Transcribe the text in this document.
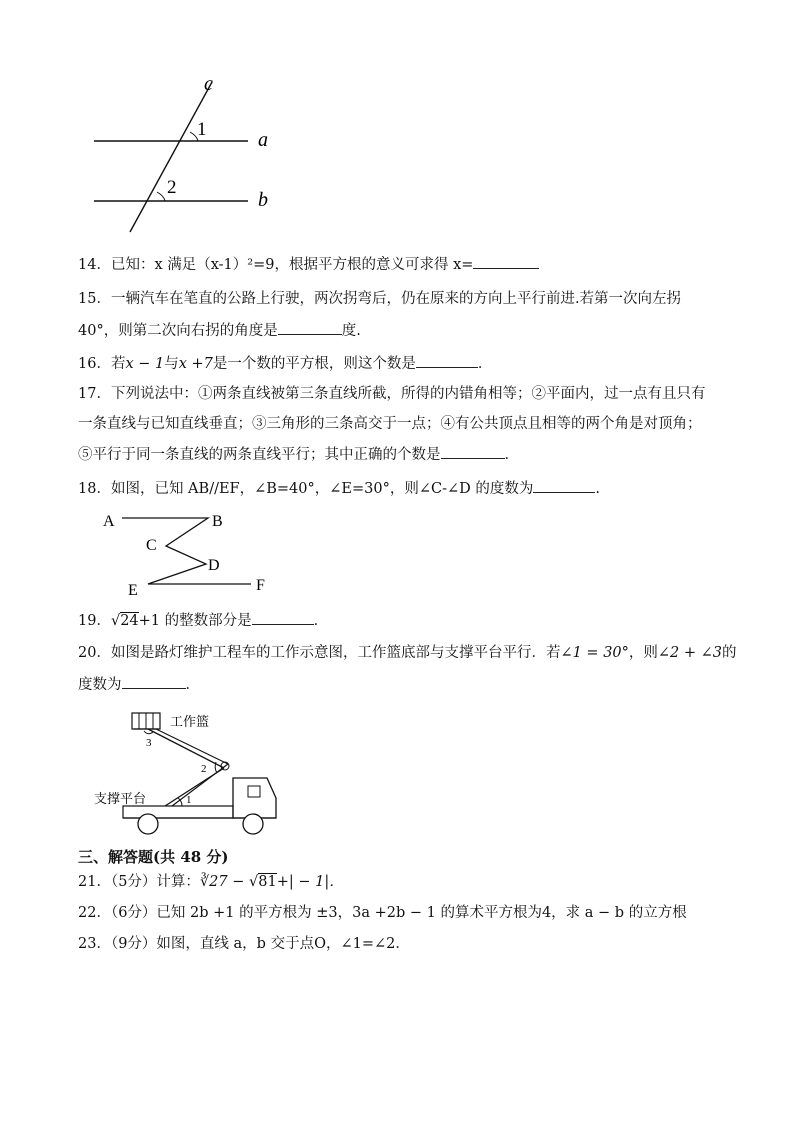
c
1	a
2
b
14．已知：x 满足（x-1）²=9，根据平方根的意义可求得 x=
15．一辆汽车在笔直的公路上行驶，两次拐弯后，仍在原来的方向上平行前进.若第一次向左拐
40°，则第二次向右拐的角度是	度.
16．若x − 1与x +7是一个数的平方根，则这个数是	．
17．下列说法中：①两条直线被第三条直线所截，所得的内错角相等；②平面内，过一点有且只有
一条直线与已知直线垂直；③三角形的三条高交于一点；④有公共顶点且相等的两个角是对顶角；
⑤平行于同一条直线的两条直线平行；其中正确的个数是	．
18．如图，已知 AB//EF，∠B=40°，∠E=30°，则∠C-∠D 的度数为	.
A	B
C
D
E	F
19．√24+1 的整数部分是	．
20．如图是路灯维护工程车的工作示意图，工作篮底部与支撑平台平行．若∠1 = 30°，则∠2 + ∠3的
度数为	．
工作篮
3
2
1
支撑平台
三、解答题(共 48 分)
21．（5分）计算：∛27 − √81+| − 1|．
22．（6分）已知 2b +1 的平方根为 ±3，3a +2b − 1 的算术平方根为4，求 a − b 的立方根
23．（9分）如图，直线 a，b 交于点O，∠1=∠2．
